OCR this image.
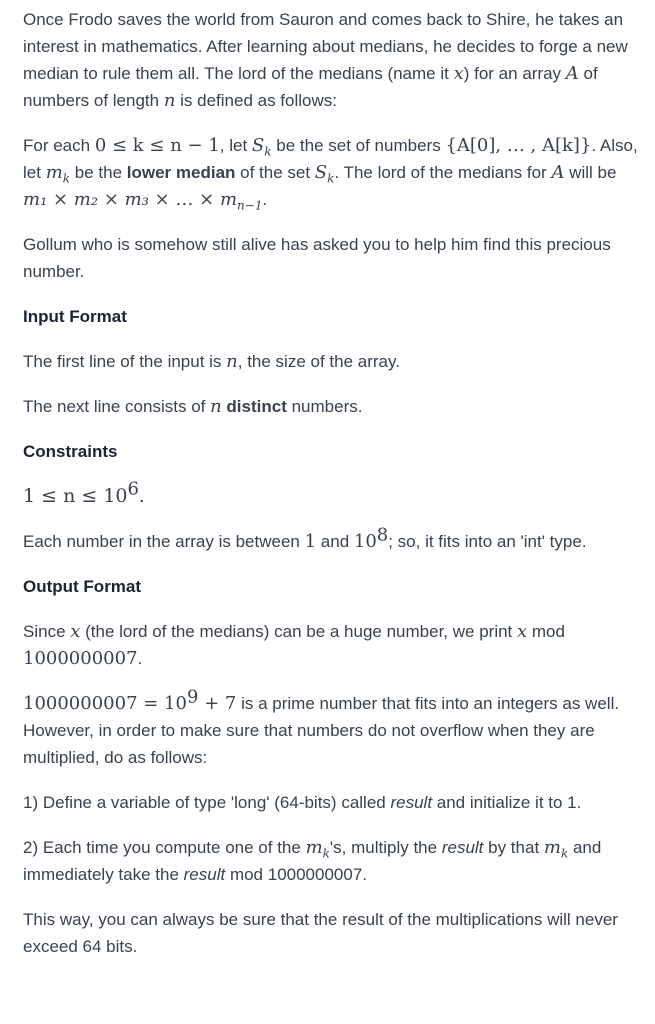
Once Frodo saves the world from Sauron and comes back to Shire, he takes an interest in mathematics. After learning about medians, he decides to forge a new median to rule them all. The lord of the medians (name it x) for an array A of numbers of length n is defined as follows:

For each 0 ≤ k ≤ n − 1, let $S_k$ be the set of numbers {A[0], … , A[k]}. Also, let $m_k$ be the lower median of the set $S_k$. The lord of the medians for A will be m₁ × m₂ × m₃ × … × $m_{n-1}$.

Gollum who is somehow still alive has asked you to help him find this precious number.

Input Format

The first line of the input is n, the size of the array.

The next line consists of n distinct numbers.

Constraints

$1 \le n \le 10^6$.

Each number in the array is between 1 and $10^8$; so, it fits into an 'int' type.

Output Format

Since x (the lord of the medians) can be a huge number, we print x mod 1000000007.

$1000000007 = 10^9 + 7$ is a prime number that fits into an integers as well. However, in order to make sure that numbers do not overflow when they are multiplied, do as follows:

1) Define a variable of type 'long' (64-bits) called result and initialize it to 1.

2) Each time you compute one of the $m_k's$, multiply the result by that $m_k$ and immediately take the result mod 1000000007.

This way, you can always be sure that the result of the multiplications will never exceed 64 bits.
